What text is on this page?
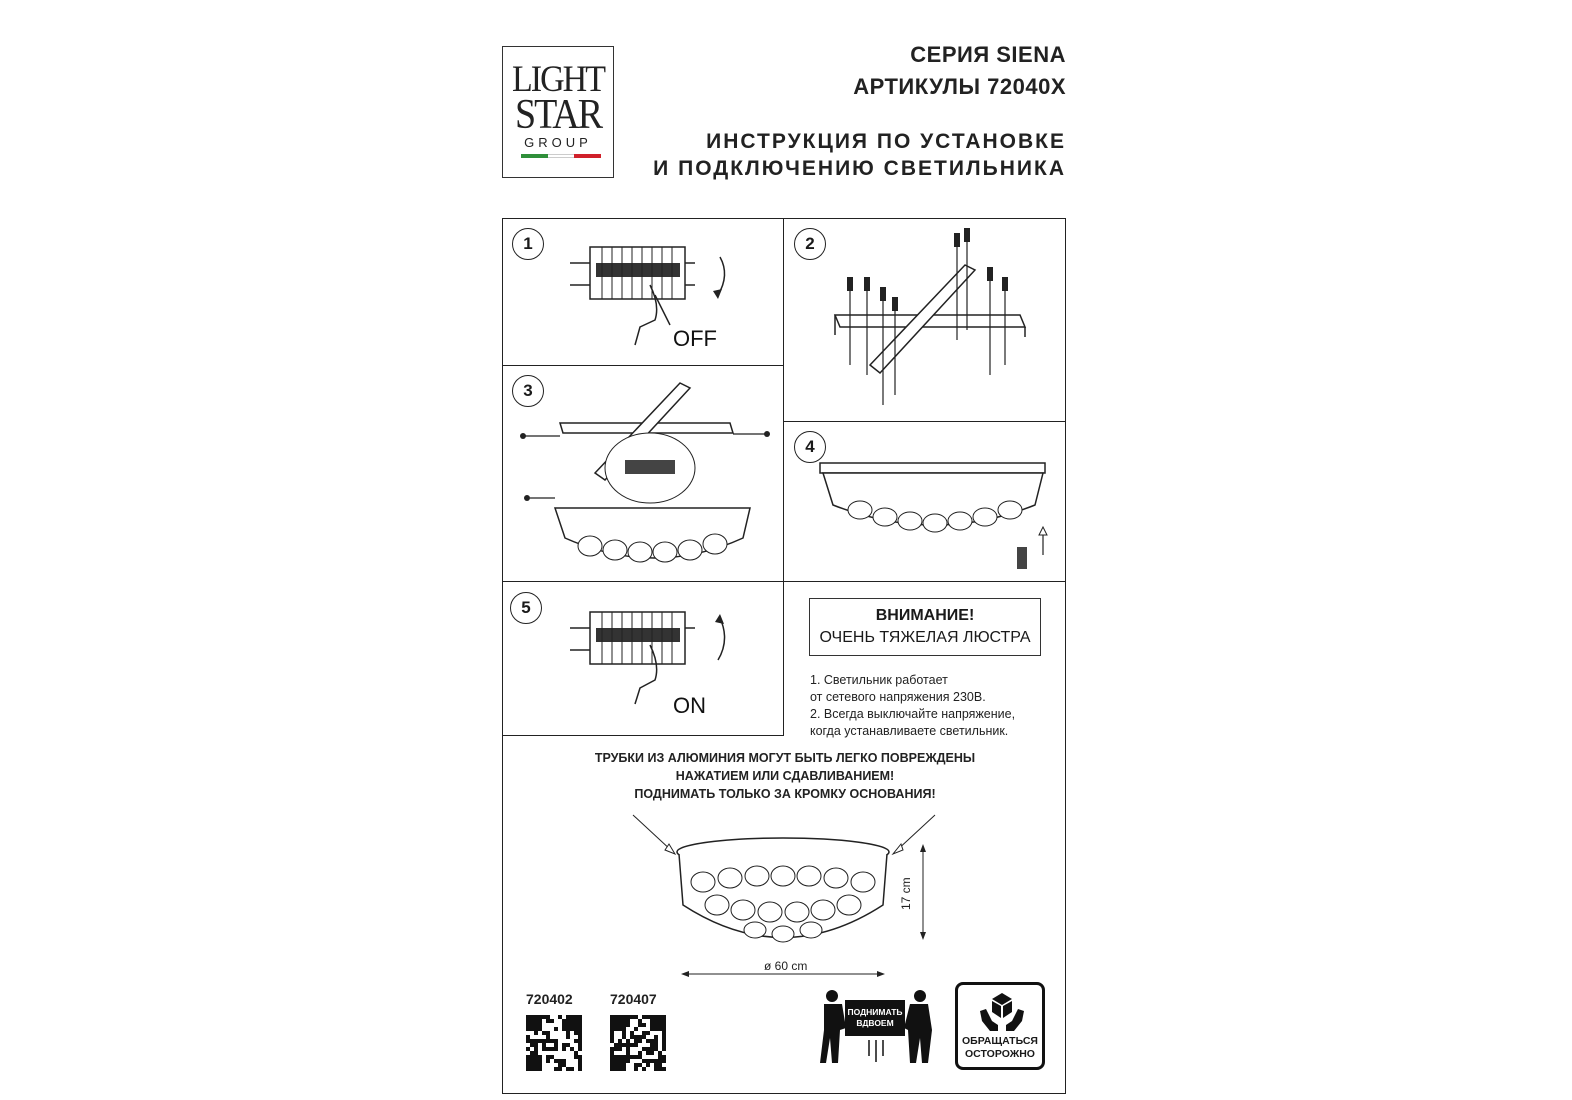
LIGHT
STAR
GROUP
СЕРИЯ SIENA
АРТИКУЛЫ 72040X
ИНСТРУКЦИЯ ПО УСТАНОВКЕ
И ПОДКЛЮЧЕНИЮ СВЕТИЛЬНИКА
1	2
3
4
5
OFF
ON
ВНИМАНИЕ!
ОЧЕНЬ ТЯЖЕЛАЯ ЛЮСТРА
1. Светильник работает
от сетевого напряжения 230В.
2. Всегда выключайте напряжение,
когда устанавливаете светильник.
ТРУБКИ ИЗ АЛЮМИНИЯ МОГУТ БЫТЬ ЛЕГКО ПОВРЕЖДЕНЫ
НАЖАТИЕМ ИЛИ СДАВЛИВАНИЕМ!
ПОДНИМАТЬ ТОЛЬКО ЗА КРОМКУ ОСНОВАНИЯ!
17 cm
ø 60 cm
720402	720407
ПОДНИМАТЬ ВДВОЕМ
ОБРАЩАТЬСЯ ОСТОРОЖНО
